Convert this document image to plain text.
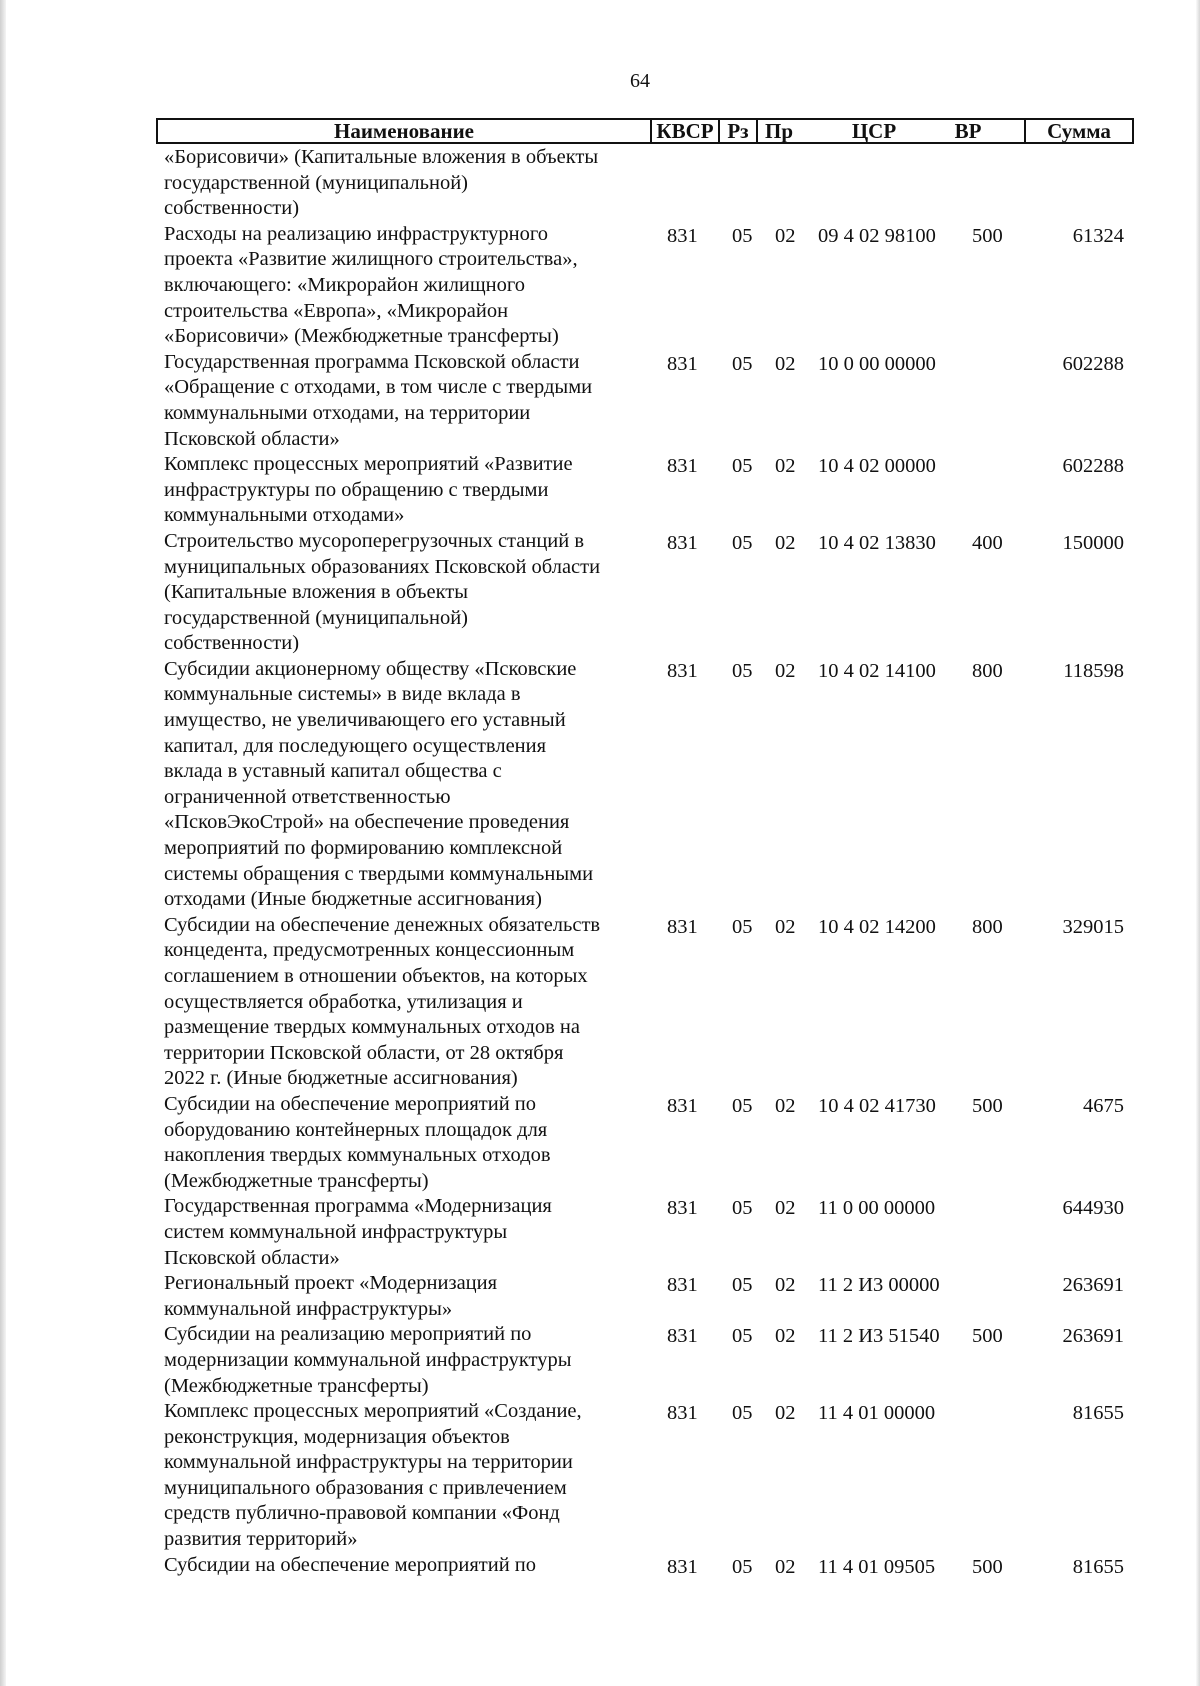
64
Наименование	КВСР Рз Пр	ЦСР	ВР	Сумма
«Борисовичи» (Капитальные вложения в объекты
государственной (муниципальной)
собственности)
Расходы на реализацию инфраструктурного
проекта «Развитие жилищного строительства»,
включающего: «Микрорайон жилищного
строительства «Европа», «Микрорайон
«Борисовичи» (Межбюджетные трансферты)
831 05 02 09 4 02 98100 500	61324
Государственная программа Псковской области
«Обращение с отходами, в том числе с твердыми
коммунальными отходами, на территории
Псковской области»
831 05 02 10 0 00 00000	602288
Комплекс процессных мероприятий «Развитие
инфраструктуры по обращению с твердыми
коммунальными отходами»
831 05 02 10 4 02 00000	602288
Строительство мусороперегрузочных станций в
муниципальных образованиях Псковской области
(Капитальные вложения в объекты
государственной (муниципальной)
собственности)
831 05 02 10 4 02 13830 400	150000
Субсидии акционерному обществу «Псковские
коммунальные системы» в виде вклада в
имущество, не увеличивающего его уставный
капитал, для последующего осуществления
вклада в уставный капитал общества с
ограниченной ответственностью
«ПсковЭкоСтрой» на обеспечение проведения
мероприятий по формированию комплексной
системы обращения с твердыми коммунальными
отходами (Иные бюджетные ассигнования)
831 05 02 10 4 02 14100 800	118598
Субсидии на обеспечение денежных обязательств
концедента, предусмотренных концессионным
соглашением в отношении объектов, на которых
осуществляется обработка, утилизация и
размещение твердых коммунальных отходов на
территории Псковской области, от 28 октября
2022 г. (Иные бюджетные ассигнования)
831 05 02 10 4 02 14200 800	329015
Субсидии на обеспечение мероприятий по
оборудованию контейнерных площадок для
накопления твердых коммунальных отходов
(Межбюджетные трансферты)
831 05 02 10 4 02 41730 500	4675
Государственная программа «Модернизация
систем коммунальной инфраструктуры
Псковской области»
831 05 02 11 0 00 00000	644930
Региональный проект «Модернизация
коммунальной инфраструктуры»
831 05 02 11 2 И3 00000	263691
Субсидии на реализацию мероприятий по
модернизации коммунальной инфраструктуры
(Межбюджетные трансферты)
831 05 02 11 2 И3 51540 500	263691
Комплекс процессных мероприятий «Создание,
реконструкция, модернизация объектов
коммунальной инфраструктуры на территории
муниципального образования с привлечением
средств публично-правовой компании «Фонд
развития территорий»
831 05 02 11 4 01 00000	81655
Субсидии на обеспечение мероприятий по	831 05 02 11 4 01 09505 500	81655
